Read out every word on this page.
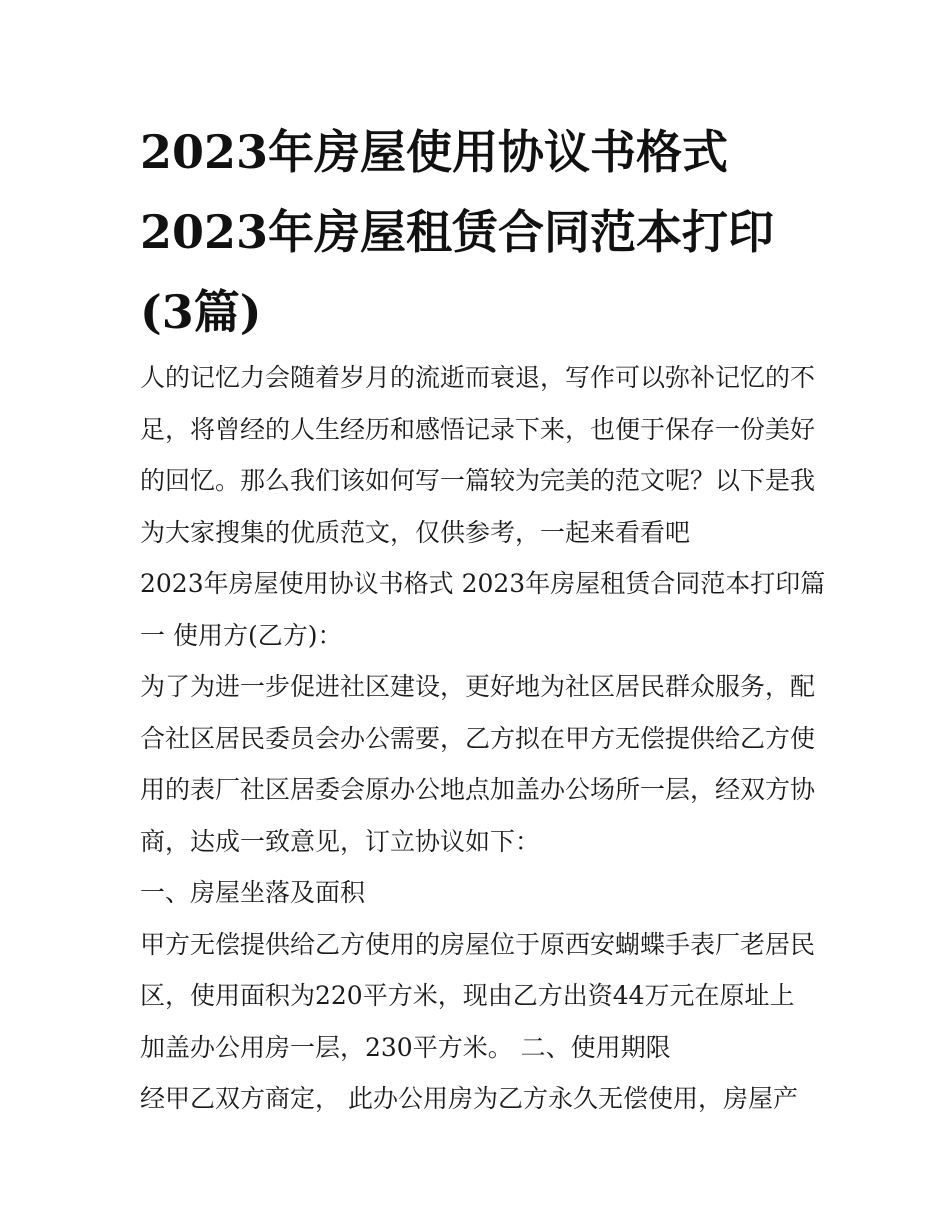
2023年房屋使用协议书格式
2023年房屋租赁合同范本打印
(3篇)
人的记忆力会随着岁月的流逝而衰退，写作可以弥补记忆的不
足，将曾经的人生经历和感悟记录下来，也便于保存一份美好
的回忆。那么我们该如何写一篇较为完美的范文呢？以下是我
为大家搜集的优质范文，仅供参考，一起来看看吧
2023年房屋使用协议书格式 2023年房屋租赁合同范本打印篇
一 使用方(乙方)：
为了为进一步促进社区建设，更好地为社区居民群众服务，配
合社区居民委员会办公需要，乙方拟在甲方无偿提供给乙方使
用的表厂社区居委会原办公地点加盖办公场所一层，经双方协
商，达成一致意见，订立协议如下：
一、房屋坐落及面积
甲方无偿提供给乙方使用的房屋位于原西安蝴蝶手表厂老居民
区，使用面积为220平方米，现由乙方出资44万元在原址上
加盖办公用房一层，230平方米。 二、使用期限
经甲乙双方商定， 此办公用房为乙方永久无偿使用，房屋产
